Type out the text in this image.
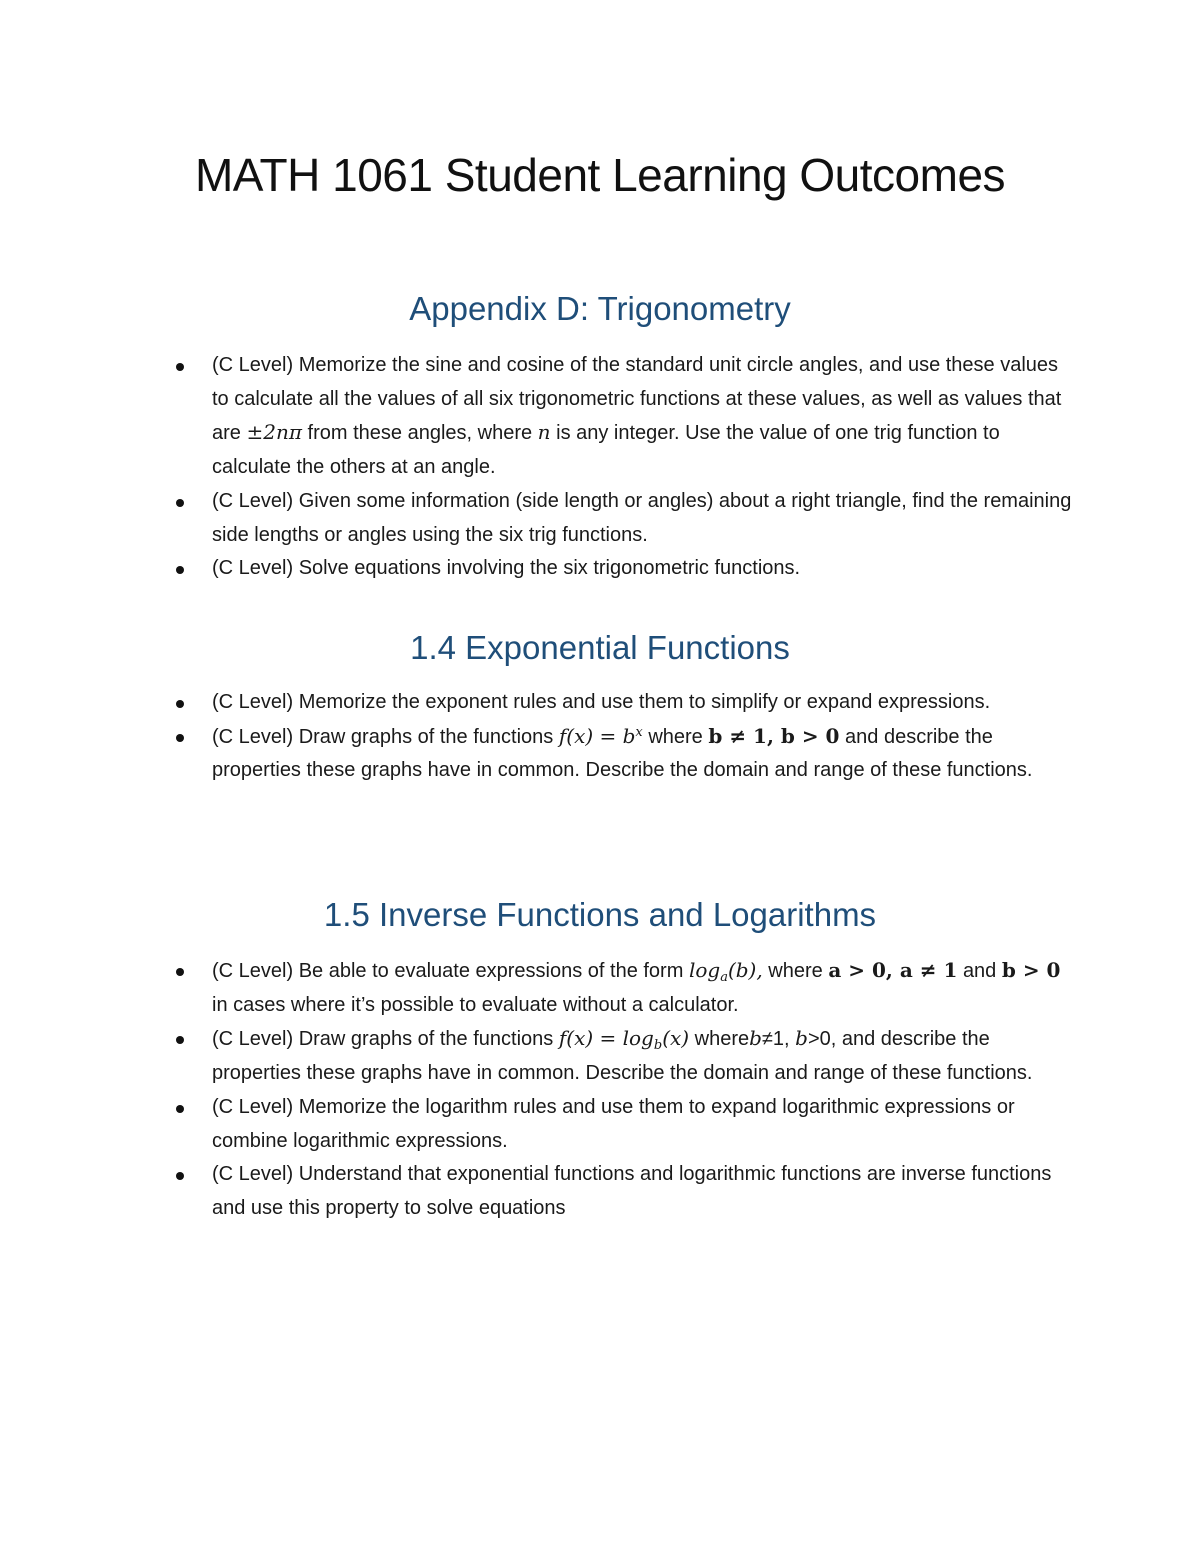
MATH 1061 Student Learning Outcomes
Appendix D: Trigonometry
(C Level) Memorize the sine and cosine of the standard unit circle angles, and use these values to calculate all the values of all six trigonometric functions at these values, as well as values that are ±2nπ from these angles, where n is any integer. Use the value of one trig function to calculate the others at an angle.
(C Level) Given some information (side length or angles) about a right triangle, find the remaining side lengths or angles using the six trig functions.
(C Level) Solve equations involving the six trigonometric functions.
1.4 Exponential Functions
(C Level) Memorize the exponent rules and use them to simplify or expand expressions.
(C Level) Draw graphs of the functions $f(x) = b^x$ where b ≠ 1, b > 0 and describe the properties these graphs have in common. Describe the domain and range of these functions.
1.5 Inverse Functions and Logarithms
(C Level) Be able to evaluate expressions of the form $\log_a(b)$, where a > 0, a ≠ 1 and b > 0 in cases where it’s possible to evaluate without a calculator.
(C Level) Draw graphs of the functions $f(x) = \log_b(x)$ whereb≠1, b>0, and describe the properties these graphs have in common. Describe the domain and range of these functions.
(C Level) Memorize the logarithm rules and use them to expand logarithmic expressions or combine logarithmic expressions.
(C Level) Understand that exponential functions and logarithmic functions are inverse functions and use this property to solve equations
